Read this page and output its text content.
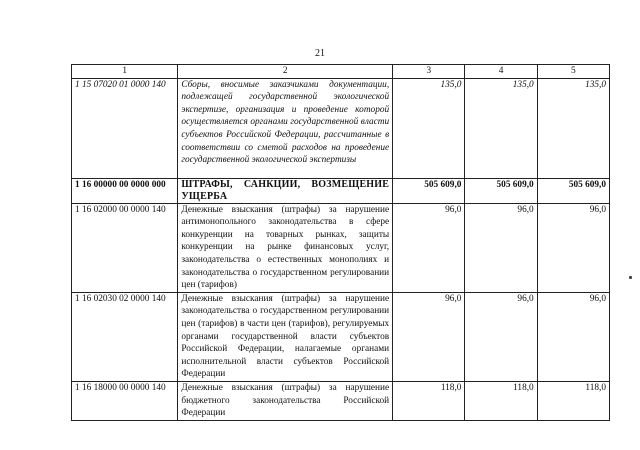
21
1	2	3	4	5
1 15 07020 01 0000 140	Сборы, вносимые заказчиками документации, подлежащей государственной экологической экспертизе, организация и проведение которой осуществляется органами государственной власти субъектов Российской Федерации, рассчитанные в соответствии со сметой расходов на проведение государственной экологической экспертизы	135,0	135,0	135,0
1 16 00000 00 0000 000	ШТРАФЫ, САНКЦИИ, ВОЗМЕЩЕНИЕ УЩЕРБА	505 609,0	505 609,0	505 609,0
1 16 02000 00 0000 140	Денежные взыскания (штрафы) за нарушение антимонопольного законодательства в сфере конкуренции на товарных рынках, защиты конкуренции на рынке финансовых услуг, законодательства о естественных монополиях и законодательства о государственном регулировании цен (тарифов)	96,0	96,0	96,0
1 16 02030 02 0000 140	Денежные взыскания (штрафы) за нарушение законодательства о государственном регулировании цен (тарифов) в части цен (тарифов), регулируемых органами государственной власти субъектов Российской Федерации, налагаемые органами исполнительной власти субъектов Российской Федерации	96,0	96,0	96,0
1 16 18000 00 0000 140	Денежные взыскания (штрафы) за нарушение бюджетного законодательства Российской Федерации	118,0	118,0	118,0
